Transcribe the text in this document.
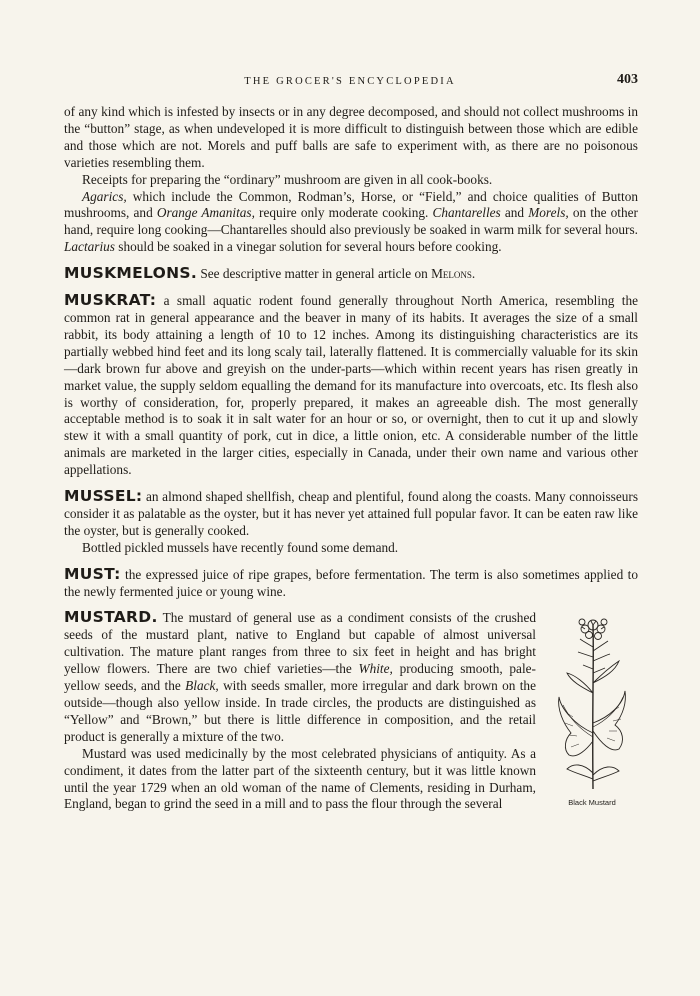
THE GROCER'S ENCYCLOPEDIA	403

of any kind which is infested by insects or in any degree decomposed, and should not collect mushrooms in the “button” stage, as when undeveloped it is more difficult to distinguish between those which are edible and those which are not. Morels and puff balls are safe to experiment with, as there are no poisonous varieties resembling them.

Receipts for preparing the “ordinary” mushroom are given in all cook-books.

Agarics, which include the Common, Rodman’s, Horse, or “Field,” and choice qualities of Button mushrooms, and Orange Amanitas, require only moderate cooking. Chantarelles and Morels, on the other hand, require long cooking—Chantarelles should also previously be soaked in warm milk for several hours. Lactarius should be soaked in a vinegar solution for several hours before cooking.

MUSKMELONS. See descriptive matter in general article on Melons.

MUSKRAT: a small aquatic rodent found generally throughout North America, resembling the common rat in general appearance and the beaver in many of its habits. It averages the size of a small rabbit, its body attaining a length of 10 to 12 inches. Among its distinguishing characteristics are its partially webbed hind feet and its long scaly tail, laterally flattened. It is commercially valuable for its skin—dark brown fur above and greyish on the under-parts—which within recent years has risen greatly in market value, the supply seldom equalling the demand for its manufacture into overcoats, etc. Its flesh also is worthy of consideration, for, properly prepared, it makes an agreeable dish. The most generally acceptable method is to soak it in salt water for an hour or so, or overnight, then to cut it up and slowly stew it with a small quantity of pork, cut in dice, a little onion, etc. A considerable number of the little animals are marketed in the larger cities, especially in Canada, under their own name and various other appellations.

MUSSEL: an almond shaped shellfish, cheap and plentiful, found along the coasts. Many connoisseurs consider it as palatable as the oyster, but it has never yet attained full popular favor. It can be eaten raw like the oyster, but is generally cooked.

Bottled pickled mussels have recently found some demand.

MUST: the expressed juice of ripe grapes, before fermentation. The term is also sometimes applied to the newly fermented juice or young wine.

Black Mustard

MUSTARD. The mustard of general use as a condiment consists of the crushed seeds of the mustard plant, native to England but capable of almost universal cultivation. The mature plant ranges from three to six feet in height and has bright yellow flowers. There are two chief varieties—the White, producing smooth, pale-yellow seeds, and the Black, with seeds smaller, more irregular and dark brown on the outside—though also yellow inside. In trade circles, the products are distinguished as “Yellow” and “Brown,” but there is little difference in composition, and the retail product is generally a mixture of the two.

Mustard was used medicinally by the most celebrated physicians of antiquity. As a condiment, it dates from the latter part of the sixteenth century, but it was little known until the year 1729 when an old woman of the name of Clements, residing in Durham, England, began to grind the seed in a mill and to pass the flour through the several
